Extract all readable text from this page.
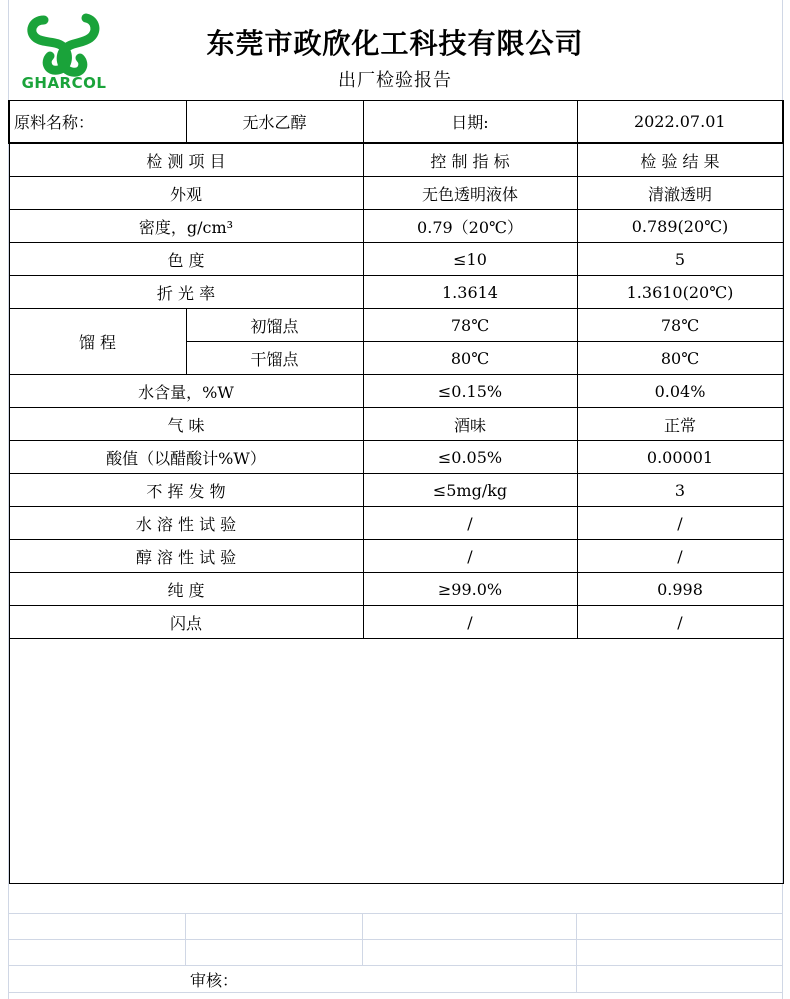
GHARCOL
东莞市政欣化工科技有限公司
出厂检验报告
原料名称：	无水乙醇	日期:	2022.07.01
检 测 项 目		控 制 指 标	检 验 结 果
外观		无色透明液体	清澈透明
密度，g/cm³		0.79（20℃）	0.789(20℃)
色 度		≤10	5
折 光 率		1.3614	1.3610(20℃)
馏 程	初馏点	78℃	78℃
	干馏点	80℃	80℃
水含量，%W		≤0.15%	0.04%
气 味		酒味	正常
酸值（以醋酸计%W）		≤0.05%	0.00001
不 挥 发 物		≤5mg/kg	3
水 溶 性 试 验		/	/
醇 溶 性 试 验		/	/
纯 度		≥99.0%	0.998
闪点		/	/

审核：
